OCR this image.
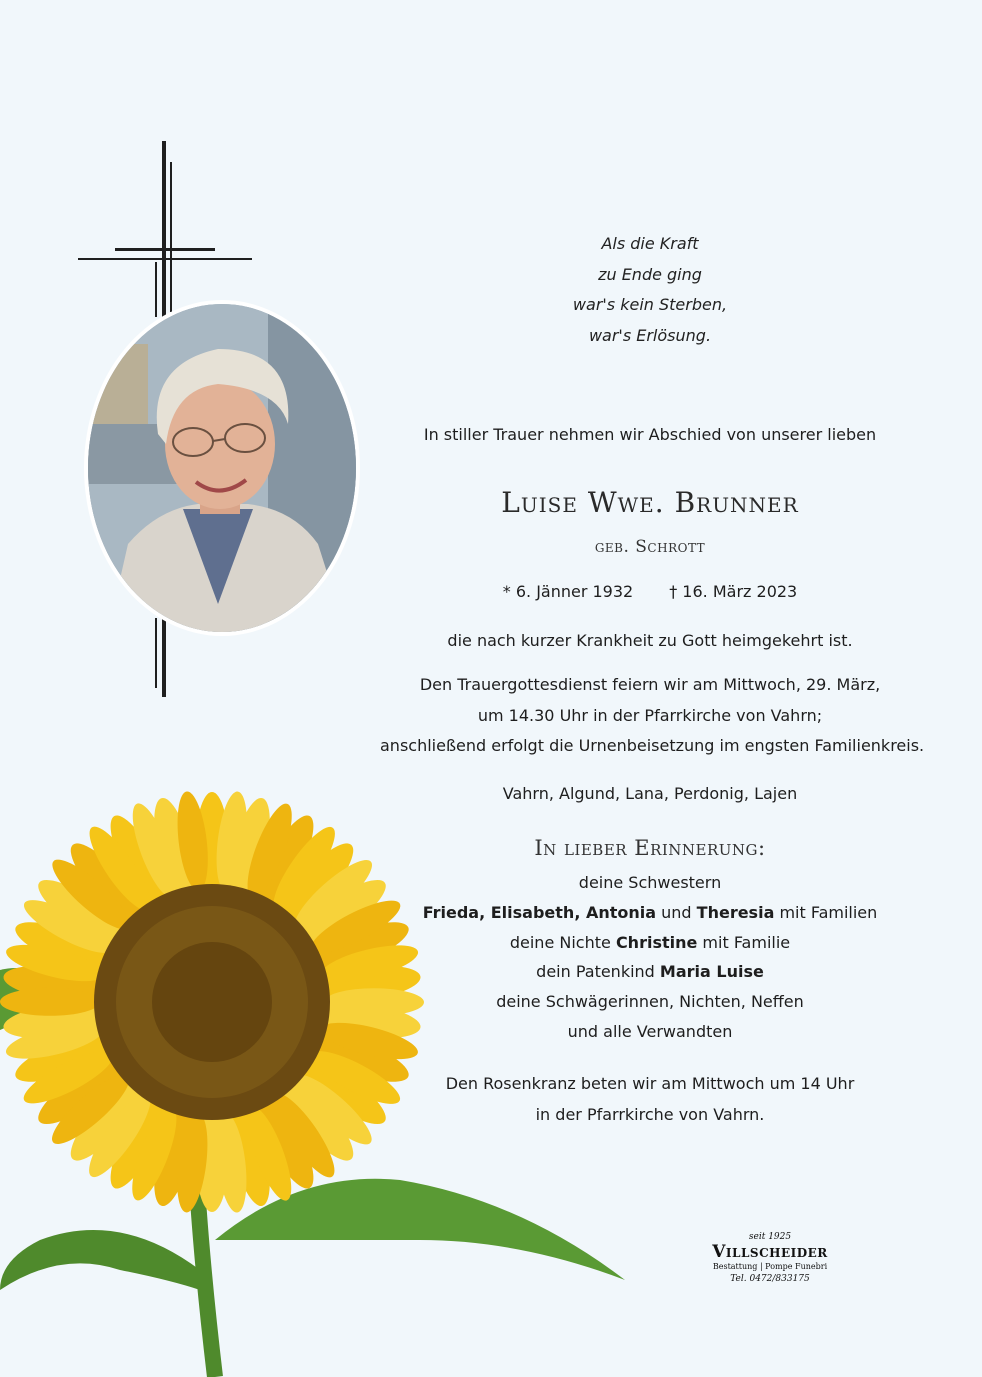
Als die Kraft
zu Ende ging
war's kein Sterben,
war's Erlösung.
In stiller Trauer nehmen wir Abschied von unserer lieben
Luise Wwe. Brunner
geb. Schrott
* 6. Jänner 1932 † 16. März 2023
die nach kurzer Krankheit zu Gott heimgekehrt ist.
Den Trauergottesdienst feiern wir am Mittwoch, 29. März,
um 14.30 Uhr in der Pfarrkirche von Vahrn;
anschließend erfolgt die Urnenbeisetzung im engsten Familienkreis.
Vahrn, Algund, Lana, Perdonig, Lajen
In lieber Erinnerung:
deine Schwestern
Frieda, Elisabeth, Antonia und Theresia mit Familien
deine Nichte Christine mit Familie
dein Patenkind Maria Luise
deine Schwägerinnen, Nichten, Neffen
und alle Verwandten
Den Rosenkranz beten wir am Mittwoch um 14 Uhr
in der Pfarrkirche von Vahrn.
seit 1925
Villscheider
Bestattung | Pompe Funebri
Tel. 0472/833175
